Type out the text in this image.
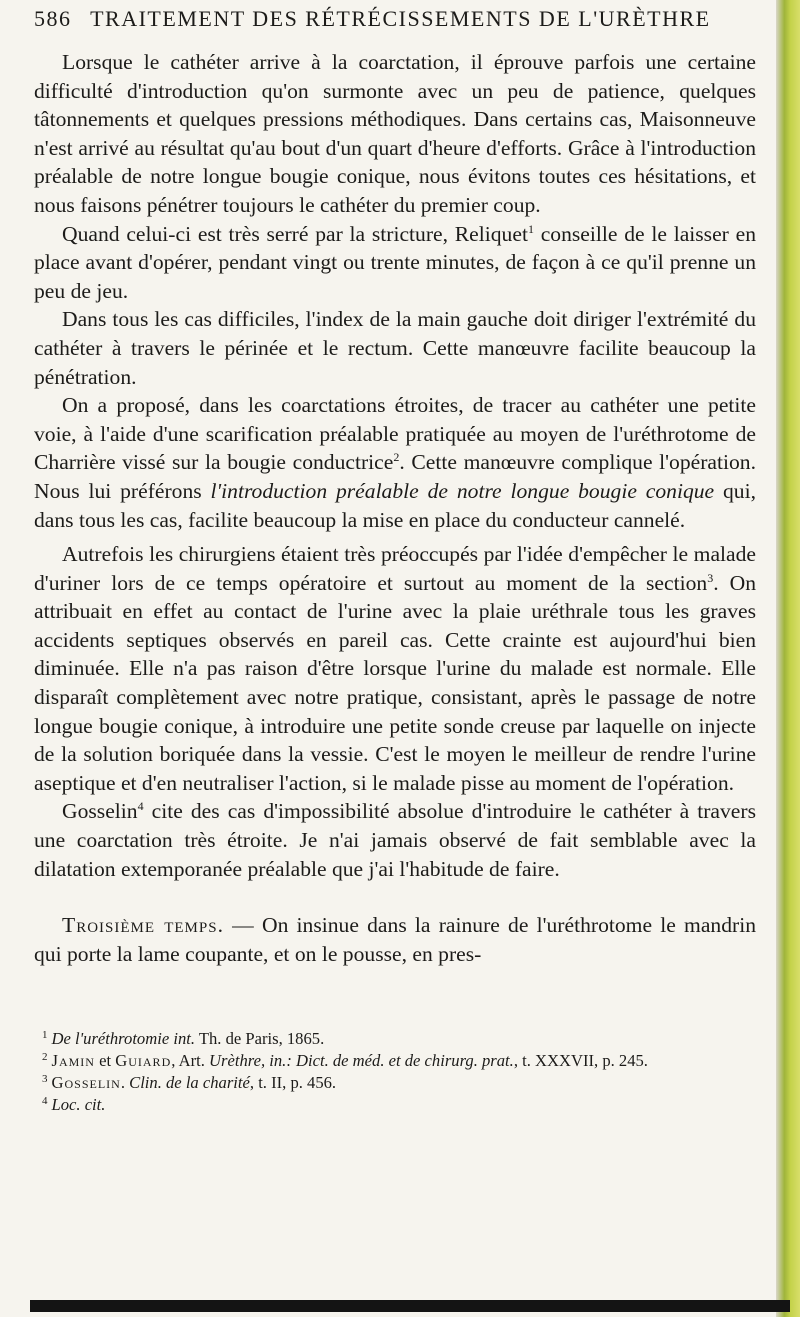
586 TRAITEMENT DES RÉTRÉCISSEMENTS DE L'URÈTHRE

Lorsque le cathéter arrive à la coarctation, il éprouve parfois une certaine difficulté d'introduction qu'on surmonte avec un peu de patience, quelques tâtonnements et quelques pressions méthodiques. Dans certains cas, Maisonneuve n'est arrivé au résultat qu'au bout d'un quart d'heure d'efforts. Grâce à l'introduction préalable de notre longue bougie conique, nous évitons toutes ces hésitations, et nous faisons pénétrer toujours le cathéter du premier coup.

Quand celui-ci est très serré par la stricture, Reliquet$^1$ conseille de le laisser en place avant d'opérer, pendant vingt ou trente minutes, de façon à ce qu'il prenne un peu de jeu.

Dans tous les cas difficiles, l'index de la main gauche doit diriger l'extrémité du cathéter à travers le périnée et le rectum. Cette manœuvre facilite beaucoup la pénétration.

On a proposé, dans les coarctations étroites, de tracer au cathéter une petite voie, à l'aide d'une scarification préalable pratiquée au moyen de l'uréthrotome de Charrière vissé sur la bougie conductrice$^2$. Cette manœuvre complique l'opération. Nous lui préférons l'introduction préalable de notre longue bougie conique qui, dans tous les cas, facilite beaucoup la mise en place du conducteur cannelé.

Autrefois les chirurgiens étaient très préoccupés par l'idée d'empêcher le malade d'uriner lors de ce temps opératoire et surtout au moment de la section$^3$. On attribuait en effet au contact de l'urine avec la plaie uréthrale tous les graves accidents septiques observés en pareil cas. Cette crainte est aujourd'hui bien diminuée. Elle n'a pas raison d'être lorsque l'urine du malade est normale. Elle disparaît complètement avec notre pratique, consistant, après le passage de notre longue bougie conique, à introduire une petite sonde creuse par laquelle on injecte de la solution boriquée dans la vessie. C'est le moyen le meilleur de rendre l'urine aseptique et d'en neutraliser l'action, si le malade pisse au moment de l'opération.

Gosselin$^4$ cite des cas d'impossibilité absolue d'introduire le cathéter à travers une coarctation très étroite. Je n'ai jamais observé de fait semblable avec la dilatation extemporanée préalable que j'ai l'habitude de faire.

Troisième temps. — On insinue dans la rainure de l'uréthrotome le mandrin qui porte la lame coupante, et on le pousse, en pres-

$^1$ De l'uréthrotomie int. Th. de Paris, 1865.

$^2$ Jamin et Guiard, Art. Urèthre, in.: Dict. de méd. et de chirurg. prat., t. XXXVII, p. 245.

$^3$ Gosselin. Clin. de la charité, t. II, p. 456.

$^4$ Loc. cit.
